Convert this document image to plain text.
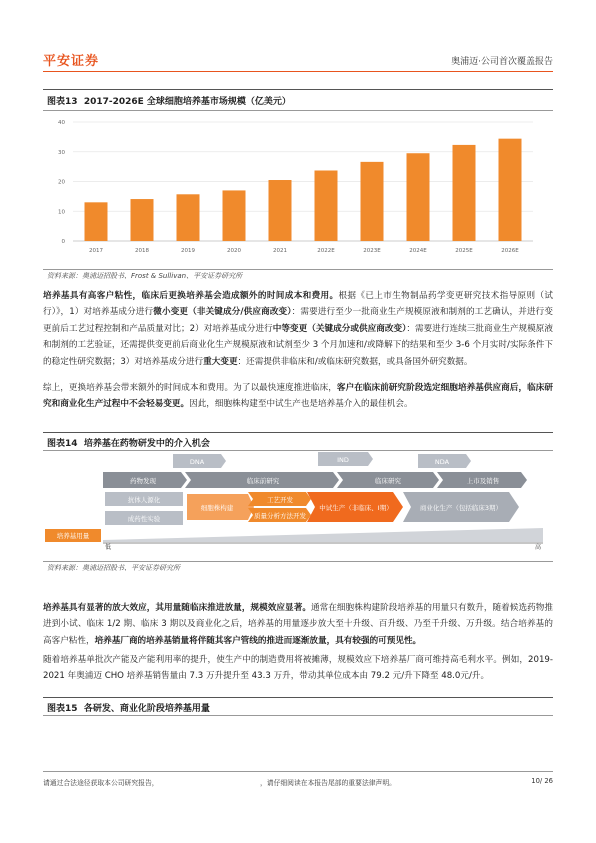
平安证券	奥浦迈·公司首次覆盖报告
图表13 2017-2026E 全球细胞培养基市场规模（亿美元）
0
10
20
30
40
2017	2018	2019	2020	2021	2022E	2023E	2024E	2025E	2026E
资料来源：奥浦迈招股书、Frost & Sullivan、平安证券研究所
培养基具有高客户粘性，临床后更换培养基会造成额外的时间成本和费用。根据《已上市生物制品药学变更研究技术指导原则（试行）》，1）对培养基成分进行微小变更（非关键成分/供应商改变）：需要进行至少一批商业生产规模原液和制剂的工艺确认，并进行变更前后工艺过程控制和产品质量对比；2）对培养基成分进行中等变更（关键成分或供应商改变）：需要进行连续三批商业生产规模原液和制剂的工艺验证，还需提供变更前后商业化生产规模原液和试剂至少 3 个月加速和/或降解下的结果和至少 3-6 个月实时/实际条件下的稳定性研究数据；3）对培养基成分进行重大变更：还需提供非临床和/或临床研究数据，或具备国外研究数据。
综上，更换培养基会带来额外的时间成本和费用。为了以最快速度推进临床，客户在临床前研究阶段选定细胞培养基供应商后，临床研究和商业化生产过程中不会轻易变更。因此，细胞株构建至中试生产也是培养基介入的最佳机会。
图表14 培养基在药物研发中的介入机会
DNA	IND	NDA
药物发现	临床前研究	临床研究	上市及销售
抗体人源化
成药性实验
细胞株构建
工艺开发
质量分析方法开发
中试生产（非临床、I期）	商业化生产（包括临床3期）
培养基用量
低	高
资料来源：奥浦迈招股书、平安证券研究所
培养基具有显著的放大效应，其用量随临床推进放量，规模效应显著。通常在细胞株构建阶段培养基的用量只有数升，随着候选药物推进到小试、临床 1/2 期、临床 3 期以及商业化之后，培养基的用量逐步放大至十升级、百升级、乃至千升级、万升级。结合培养基的高客户粘性，培养基厂商的培养基销量将伴随其客户管线的推进而逐渐放量，具有较强的可预见性。
随着培养基单批次产能及产能利用率的提升，使生产中的制造费用将被摊薄，规模效应下培养基厂商可维持高毛利水平。例如，2019-2021 年奥浦迈 CHO 培养基销售量由 7.3 万升提升至 43.3 万升，带动其单位成本由 79.2 元/升下降至 48.0元/升。
图表15 各研发、商业化阶段培养基用量
请通过合法途径获取本公司研究报告，	，请仔细阅读在本报告尾部的重要法律声明。	10/ 26
